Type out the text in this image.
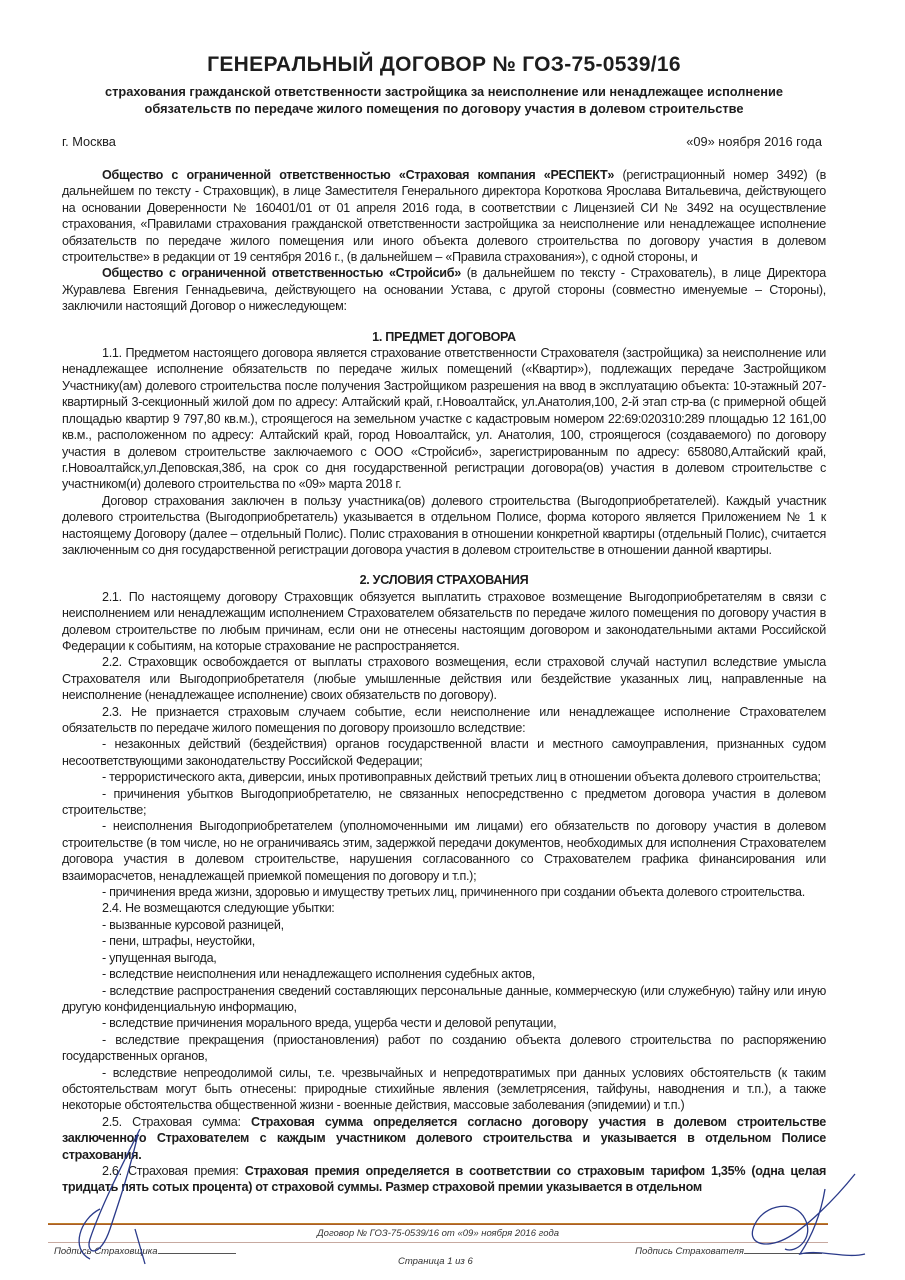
ГЕНЕРАЛЬНЫЙ ДОГОВОР № ГОЗ-75-0539/16

страхования гражданской ответственности застройщика за неисполнение или ненадлежащее исполнение

обязательств по передаче жилого помещения по договору участия в долевом строительстве

г. Москва	«09» ноября 2016 года

Общество с ограниченной ответственностью «Страховая компания «РЕСПЕКТ» (регистрационный номер 3492) (в дальнейшем по тексту - Страховщик), в лице Заместителя Генерального директора Короткова Ярослава Витальевича, действующего на основании Доверенности № 160401/01 от 01 апреля 2016 года, в соответствии с Лицензией СИ № 3492 на осуществление страхования, «Правилами страхования гражданской ответственности застройщика за неисполнение или ненадлежащее исполнение обязательств по передаче жилого помещения или иного объекта долевого строительства по договору участия в долевом строительстве» в редакции от 19 сентября 2016 г., (в дальнейшем – «Правила страхования»), с одной стороны, и

Общество с ограниченной ответственностью «Стройсиб» (в дальнейшем по тексту - Страхователь), в лице Директора Журавлева Евгения Геннадьевича, действующего на основании Устава, с другой стороны (совместно именуемые – Стороны), заключили настоящий Договор о нижеследующем:

1. ПРЕДМЕТ ДОГОВОРА

1.1. Предметом настоящего договора является страхование ответственности Страхователя (застройщика) за неисполнение или ненадлежащее исполнение обязательств по передаче жилых помещений («Квартир»), подлежащих передаче Застройщиком Участнику(ам) долевого строительства после получения Застройщиком разрешения на ввод в эксплуатацию объекта: 10-этажный 207-квартирный 3-секционный жилой дом по адресу: Алтайский край, г.Новоалтайск, ул.Анатолия,100, 2-й этап стр-ва (с примерной общей площадью квартир 9 797,80 кв.м.), строящегося на земельном участке с кадастровым номером 22:69:020310:289 площадью 12 161,00 кв.м., расположенном по адресу: Алтайский край, город Новоалтайск, ул. Анатолия, 100, строящегося (создаваемого) по договору участия в долевом строительстве заключаемого с ООО «Стройсиб», зарегистрированным по адресу: 658080,Алтайский край, г.Новоалтайск,ул.Деповская,38б, на срок со дня государственной регистрации договора(ов) участия в долевом строительстве с участником(и) долевого строительства по «09» марта 2018 г.

Договор страхования заключен в пользу участника(ов) долевого строительства (Выгодоприобретателей). Каждый участник долевого строительства (Выгодоприобретатель) указывается в отдельном Полисе, форма которого является Приложением № 1 к настоящему Договору (далее – отдельный Полис). Полис страхования в отношении конкретной квартиры (отдельный Полис), считается заключенным со дня государственной регистрации договора участия в долевом строительстве в отношении данной квартиры.

2. УСЛОВИЯ СТРАХОВАНИЯ

2.1. По настоящему договору Страховщик обязуется выплатить страховое возмещение Выгодоприобретателям в связи с неисполнением или ненадлежащим исполнением Страхователем обязательств по передаче жилого помещения по договору участия в долевом строительстве по любым причинам, если они не отнесены настоящим договором и законодательными актами Российской Федерации к событиям, на которые страхование не распространяется.

2.2. Страховщик освобождается от выплаты страхового возмещения, если страховой случай наступил вследствие умысла Страхователя или Выгодоприобретателя (любые умышленные действия или бездействие указанных лиц, направленные на неисполнение (ненадлежащее исполнение) своих обязательств по договору).

2.3. Не признается страховым случаем событие, если неисполнение или ненадлежащее исполнение Страхователем обязательств по передаче жилого помещения по договору произошло вследствие:

- незаконных действий (бездействия) органов государственной власти и местного самоуправления, признанных судом несоответствующими законодательству Российской Федерации;

- террористического акта, диверсии, иных противоправных действий третьих лиц в отношении объекта долевого строительства;

- причинения убытков Выгодоприобретателю, не связанных непосредственно с предметом договора участия в долевом строительстве;

- неисполнения Выгодоприобретателем (уполномоченными им лицами) его обязательств по договору участия в долевом строительстве (в том числе, но не ограничиваясь этим, задержкой передачи документов, необходимых для исполнения Страхователем договора участия в долевом строительстве, нарушения согласованного со Страхователем графика финансирования или взаиморасчетов, ненадлежащей приемкой помещения по договору и т.п.);

- причинения вреда жизни, здоровью и имуществу третьих лиц, причиненного при создании объекта долевого строительства.

2.4. Не возмещаются следующие убытки:

- вызванные курсовой разницей,

- пени, штрафы, неустойки,

- упущенная выгода,

- вследствие неисполнения или ненадлежащего исполнения судебных актов,

- вследствие распространения сведений составляющих персональные данные, коммерческую (или служебную) тайну или иную другую конфиденциальную информацию,

- вследствие причинения морального вреда, ущерба чести и деловой репутации,

- вследствие прекращения (приостановления) работ по созданию объекта долевого строительства по распоряжению государственных органов,

- вследствие непреодолимой силы, т.е. чрезвычайных и непредотвратимых при данных условиях обстоятельств (к таким обстоятельствам могут быть отнесены: природные стихийные явления (землетрясения, тайфуны, наводнения и т.п.), а также некоторые обстоятельства общественной жизни - военные действия, массовые заболевания (эпидемии) и т.п.)

2.5. Страховая сумма: Страховая сумма определяется согласно договору участия в долевом строительстве заключенного Страхователем с каждым участником долевого строительства и указывается в отдельном Полисе страхования.

2.6. Страховая премия: Страховая премия определяется в соответствии со страховым тарифом 1,35% (одна целая тридцать пять сотых процента) от страховой суммы. Размер страховой премии указывается в отдельном

Договор № ГОЗ-75-0539/16 от «09» ноября 2016 года
Подпись Страховщика
Страница 1 из 6
Подпись Страхователя
